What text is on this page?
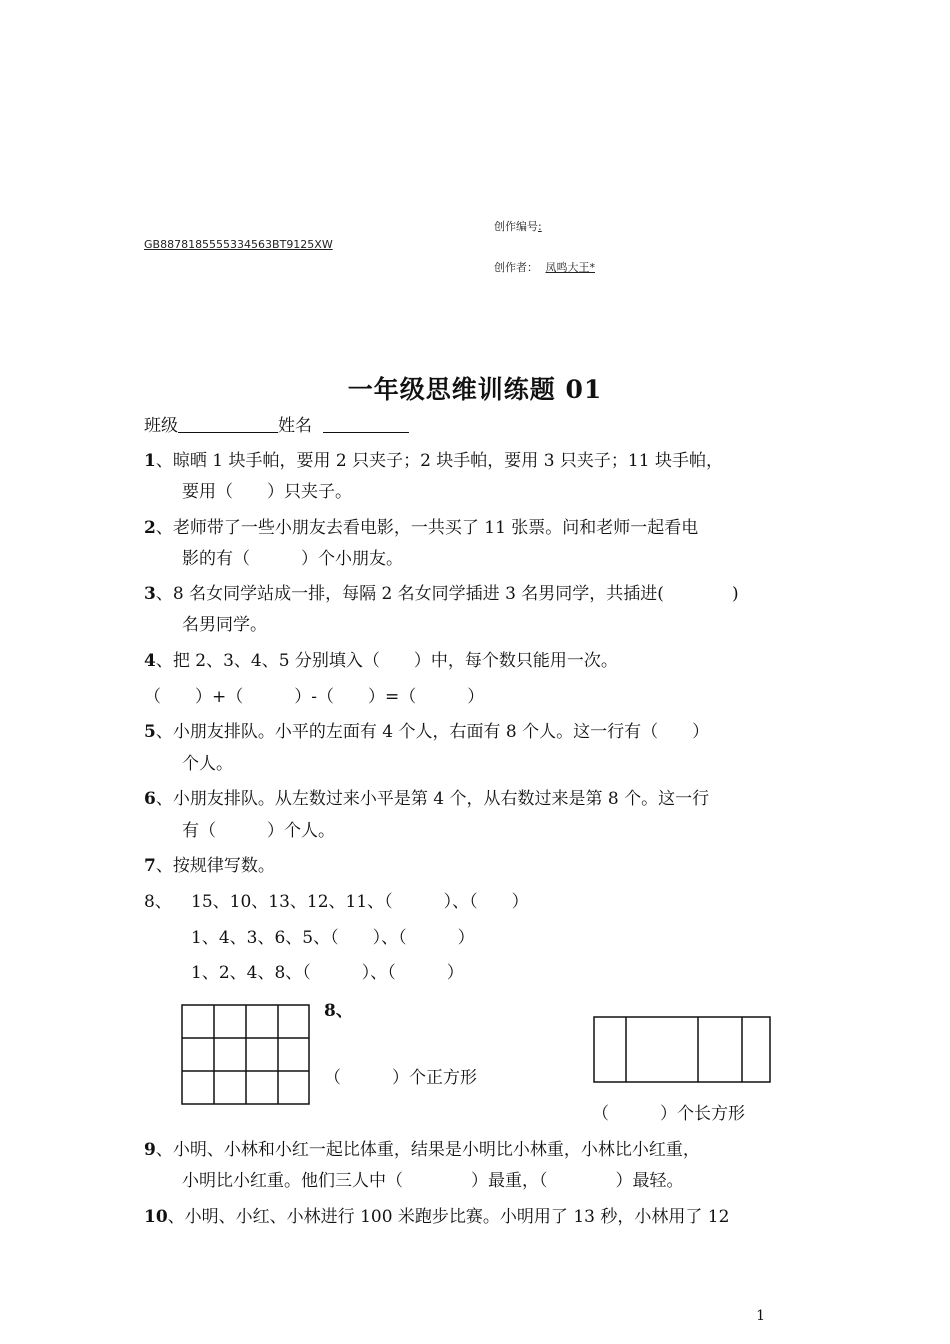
创作编号:
GB8878185555334563BT9125XW
创作者： 凤鸣大王*
一年级思维训练题 01
班级	姓名
1、晾晒 1 块手帕，要用 2 只夹子；2 块手帕，要用 3 只夹子；11 块手帕，
要用（　　）只夹子。
2、老师带了一些小朋友去看电影，一共买了 11 张票。问和老师一起看电
影的有（　　　）个小朋友。
3、8 名女同学站成一排，每隔 2 名女同学插进 3 名男同学，共插进(　　　　)
名男同学。
4、把 2、3、4、5 分别填入（　　）中，每个数只能用一次。
（　　）+（　　　）-（　　）=（　　　）
5、小朋友排队。小平的左面有 4 个人，右面有 8 个人。这一行有（　　）
个人。
6、小朋友排队。从左数过来小平是第 4 个，从右数过来是第 8 个。这一行
有（　　　）个人。
7、按规律写数。
8、 15、10、13、12、11、（　　　）、（　　）
1、4、3、6、5、（　　）、（　　　）
1、2、4、8、（　　　）、（　　　）
8、
（　　　）个正方形
（　　　）个长方形
9、小明、小林和小红一起比体重，结果是小明比小林重，小林比小红重，
小明比小红重。他们三人中（　　　　）最重，（　　　　）最轻。
10、小明、小红、小林进行 100 米跑步比赛。小明用了 13 秒，小林用了 12
1
